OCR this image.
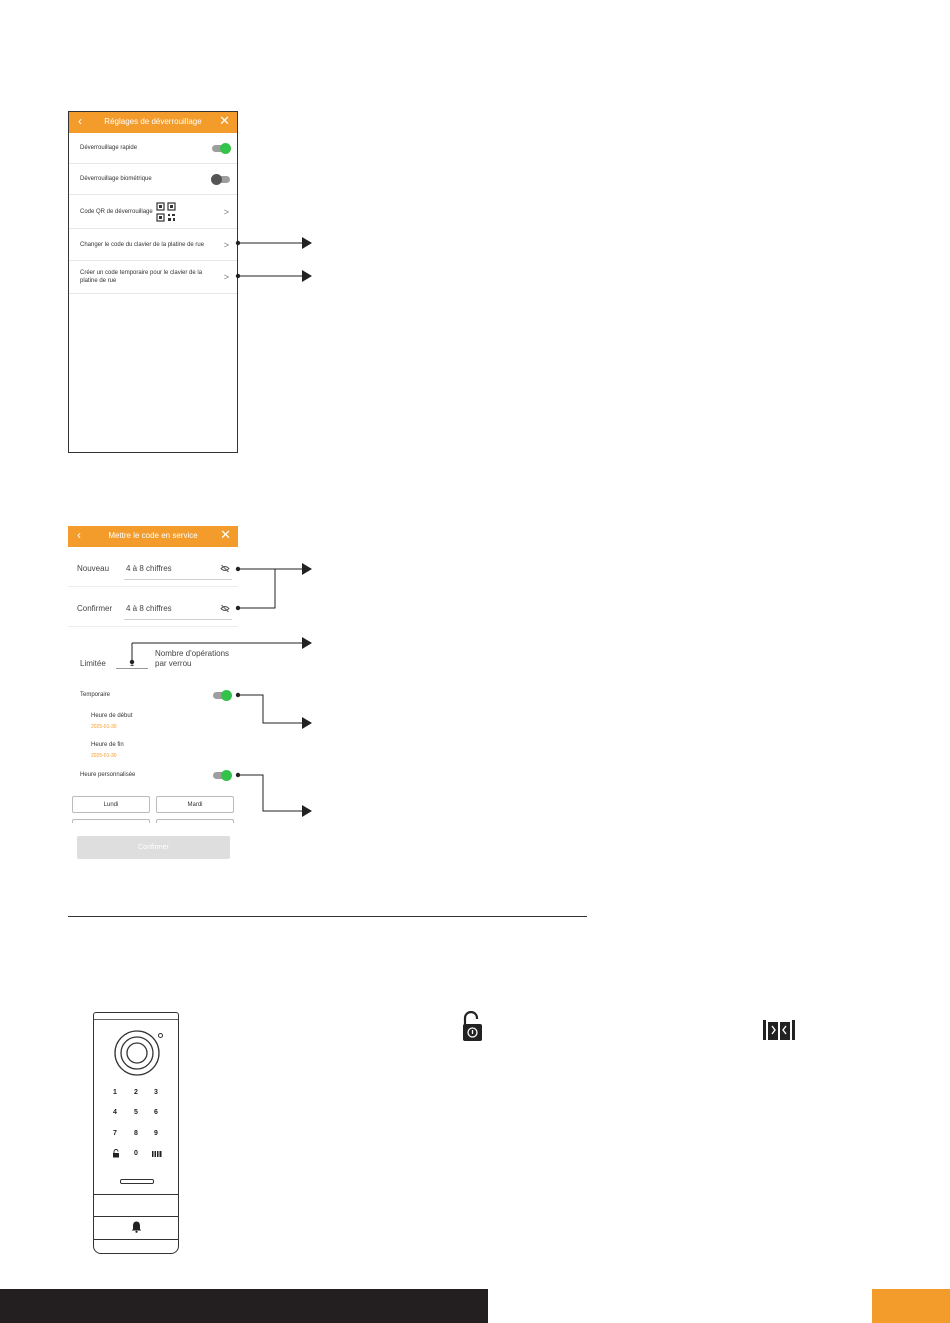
‹	Réglages de déverrouillage	✕
Déverrouillage rapide
Déverrouillage biométrique
Code QR de déverrouillage	>
Changer le code du clavier de la platine de rue	>
Créer un code temporaire pour le clavier de la platine de rue	>
‹	Mettre le code en service	✕
Nouveau 4 à 8 chiffres
Confirmer 4 à 8 chiffres
Limitée
Nombre d'opérations par verrou
Temporaire
Heure de début
2025-01-30
Heure de fin
2025-01-30
Heure personnalisée
Lundi	Mardi
Confirmer
1 2 3
4 5 6
7 8 9
0
